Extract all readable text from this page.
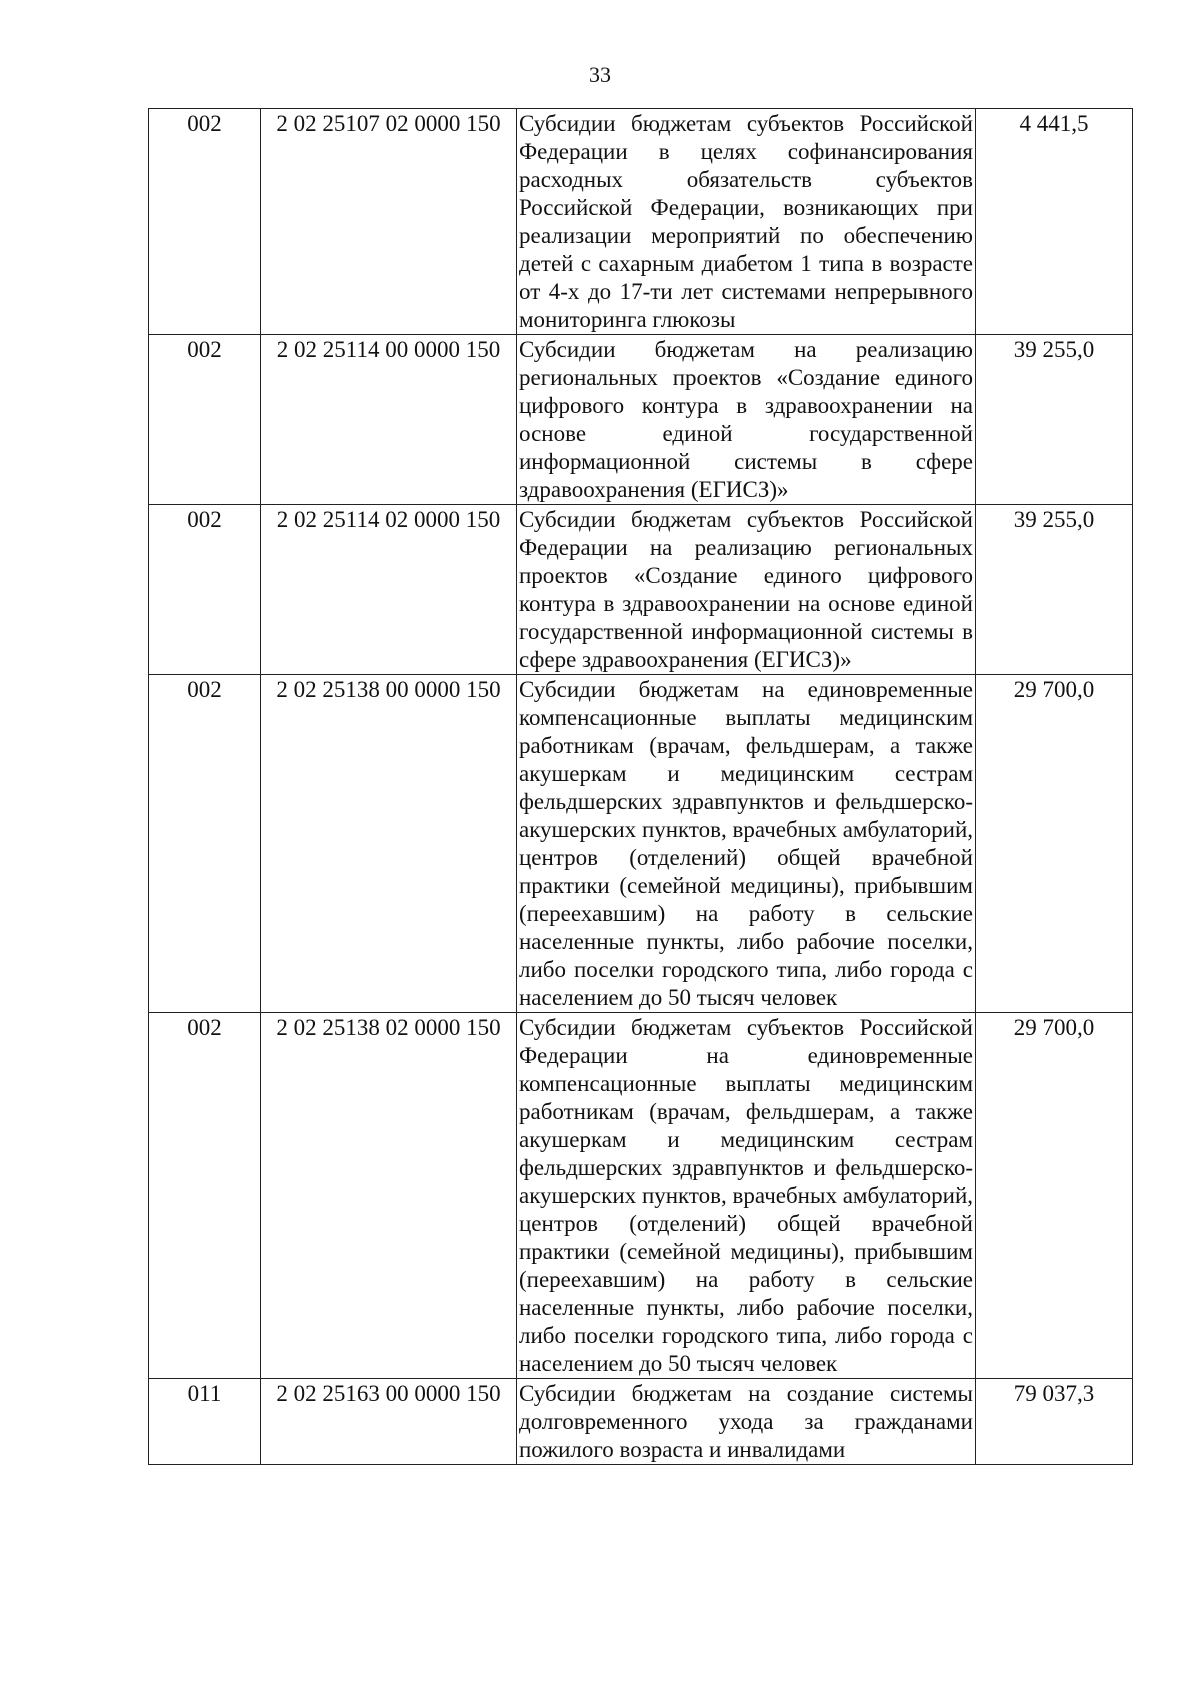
33
002	2 02 25107 02 0000 150	Субсидии бюджетам субъектов Российской Федерации в целях софинансирования расходных обязательств субъектов Российской Федерации, возникающих при реализации мероприятий по обеспечению детей с сахарным диабетом 1 типа в возрасте от 4-х до 17-ти лет системами непрерывного мониторинга глюкозы	4 441,5
002	2 02 25114 00 0000 150	Субсидии бюджетам на реализацию региональных проектов «Создание единого цифрового контура в здравоохранении на основе единой государственной информационной системы в сфере здравоохранения (ЕГИСЗ)»	39 255,0
002	2 02 25114 02 0000 150	Субсидии бюджетам субъектов Российской Федерации на реализацию региональных проектов «Создание единого цифрового контура в здравоохранении на основе единой государственной информационной системы в сфере здравоохранения (ЕГИСЗ)»	39 255,0
002	2 02 25138 00 0000 150	Субсидии бюджетам на единовременные компенсационные выплаты медицинским работникам (врачам, фельдшерам, а также акушеркам и медицинским сестрам фельдшерских здравпунктов и фельдшерско-акушерских пунктов, врачебных амбулаторий, центров (отделений) общей врачебной практики (семейной медицины), прибывшим (переехавшим) на работу в сельские населенные пункты, либо рабочие поселки, либо поселки городского типа, либо города с населением до 50 тысяч человек	29 700,0
002	2 02 25138 02 0000 150	Субсидии бюджетам субъектов Российской Федерации на единовременные компенсационные выплаты медицинским работникам (врачам, фельдшерам, а также акушеркам и медицинским сестрам фельдшерских здравпунктов и фельдшерско-акушерских пунктов, врачебных амбулаторий, центров (отделений) общей врачебной практики (семейной медицины), прибывшим (переехавшим) на работу в сельские населенные пункты, либо рабочие поселки, либо поселки городского типа, либо города с населением до 50 тысяч человек	29 700,0
011	2 02 25163 00 0000 150	Субсидии бюджетам на создание системы долговременного ухода за гражданами пожилого возраста и инвалидами	79 037,3
